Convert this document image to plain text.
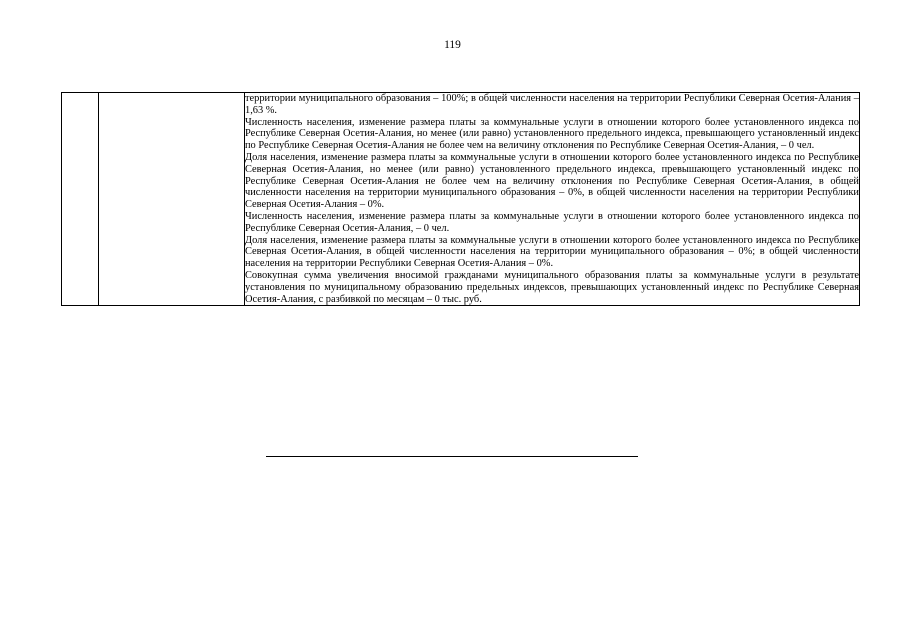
119

территории муниципального образования – 100%; в общей численности населения на территории Республики Северная Осетия-Алания – 1,63 %.

Численность населения, изменение размера платы за коммунальные услуги в отношении которого более установленного индекса по Республике Северная Осетия-Алания, но менее (или равно) установленного предельного индекса, превышающего установленный индекс по Республике Северная Осетия-Алания не более чем на величину отклонения по Республике Северная Осетия-Алания, – 0 чел.

Доля населения, изменение размера платы за коммунальные услуги в отношении которого более установленного индекса по Республике Северная Осетия-Алания, но менее (или равно) установленного предельного индекса, превышающего установленный индекс по Республике Северная Осетия-Алания не более чем на величину отклонения по Республике Северная Осетия-Алания, в общей численности населения на территории муниципального образования – 0%, в общей численности населения на территории Республики Северная Осетия-Алания – 0%.

Численность населения, изменение размера платы за коммунальные услуги в отношении которого более установленного индекса по Республике Северная Осетия-Алания, – 0 чел.

Доля населения, изменение размера платы за коммунальные услуги в отношении которого более установленного индекса по Республике Северная Осетия-Алания, в общей численности населения на территории муниципального образования – 0%; в общей численности населения на территории Республики Северная Осетия-Алания – 0%.

Совокупная сумма увеличения вносимой гражданами муниципального образования платы за коммунальные услуги в результате установления по муниципальному образованию предельных индексов, превышающих установленный индекс по Республике Северная Осетия-Алания, с разбивкой по месяцам – 0 тыс. руб.
